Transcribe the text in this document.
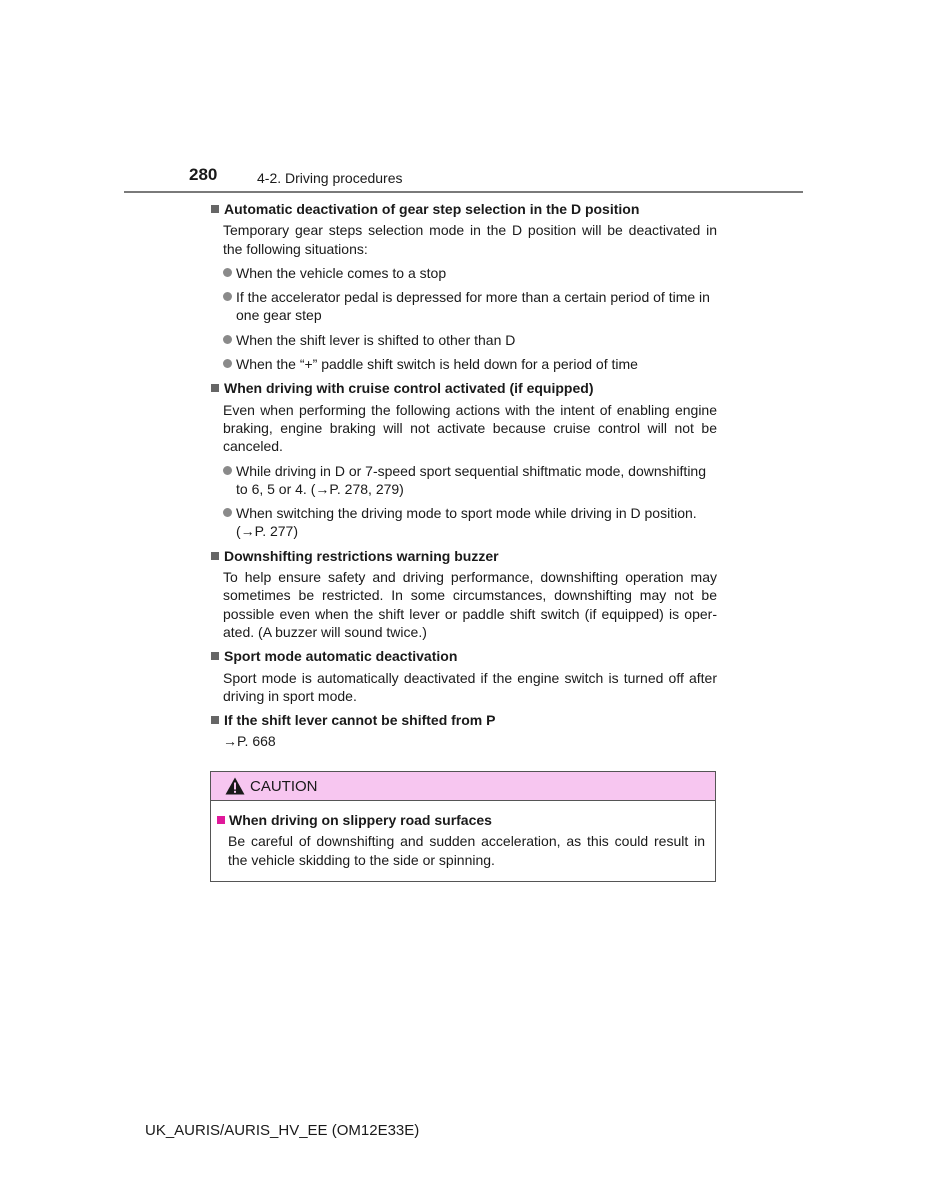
280	4-2. Driving procedures
Automatic deactivation of gear step selection in the D position
Temporary gear steps selection mode in the D position will be deactivated in the following situations:
When the vehicle comes to a stop
If the accelerator pedal is depressed for more than a certain period of time in one gear step
When the shift lever is shifted to other than D
When the “+” paddle shift switch is held down for a period of time
When driving with cruise control activated (if equipped)
Even when performing the following actions with the intent of enabling engine braking, engine braking will not activate because cruise control will not be canceled.
While driving in D or 7-speed sport sequential shiftmatic mode, downshifting to 6, 5 or 4. (→P. 278, 279)
When switching the driving mode to sport mode while driving in D position. (→P. 277)
Downshifting restrictions warning buzzer
To help ensure safety and driving performance, downshifting operation may sometimes be restricted. In some circumstances, downshifting may not be possible even when the shift lever or paddle shift switch (if equipped) is oper-ated. (A buzzer will sound twice.)
Sport mode automatic deactivation
Sport mode is automatically deactivated if the engine switch is turned off after driving in sport mode.
If the shift lever cannot be shifted from P
→P. 668
CAUTION
When driving on slippery road surfaces
Be careful of downshifting and sudden acceleration, as this could result in the vehicle skidding to the side or spinning.
UK_AURIS/AURIS_HV_EE (OM12E33E)
